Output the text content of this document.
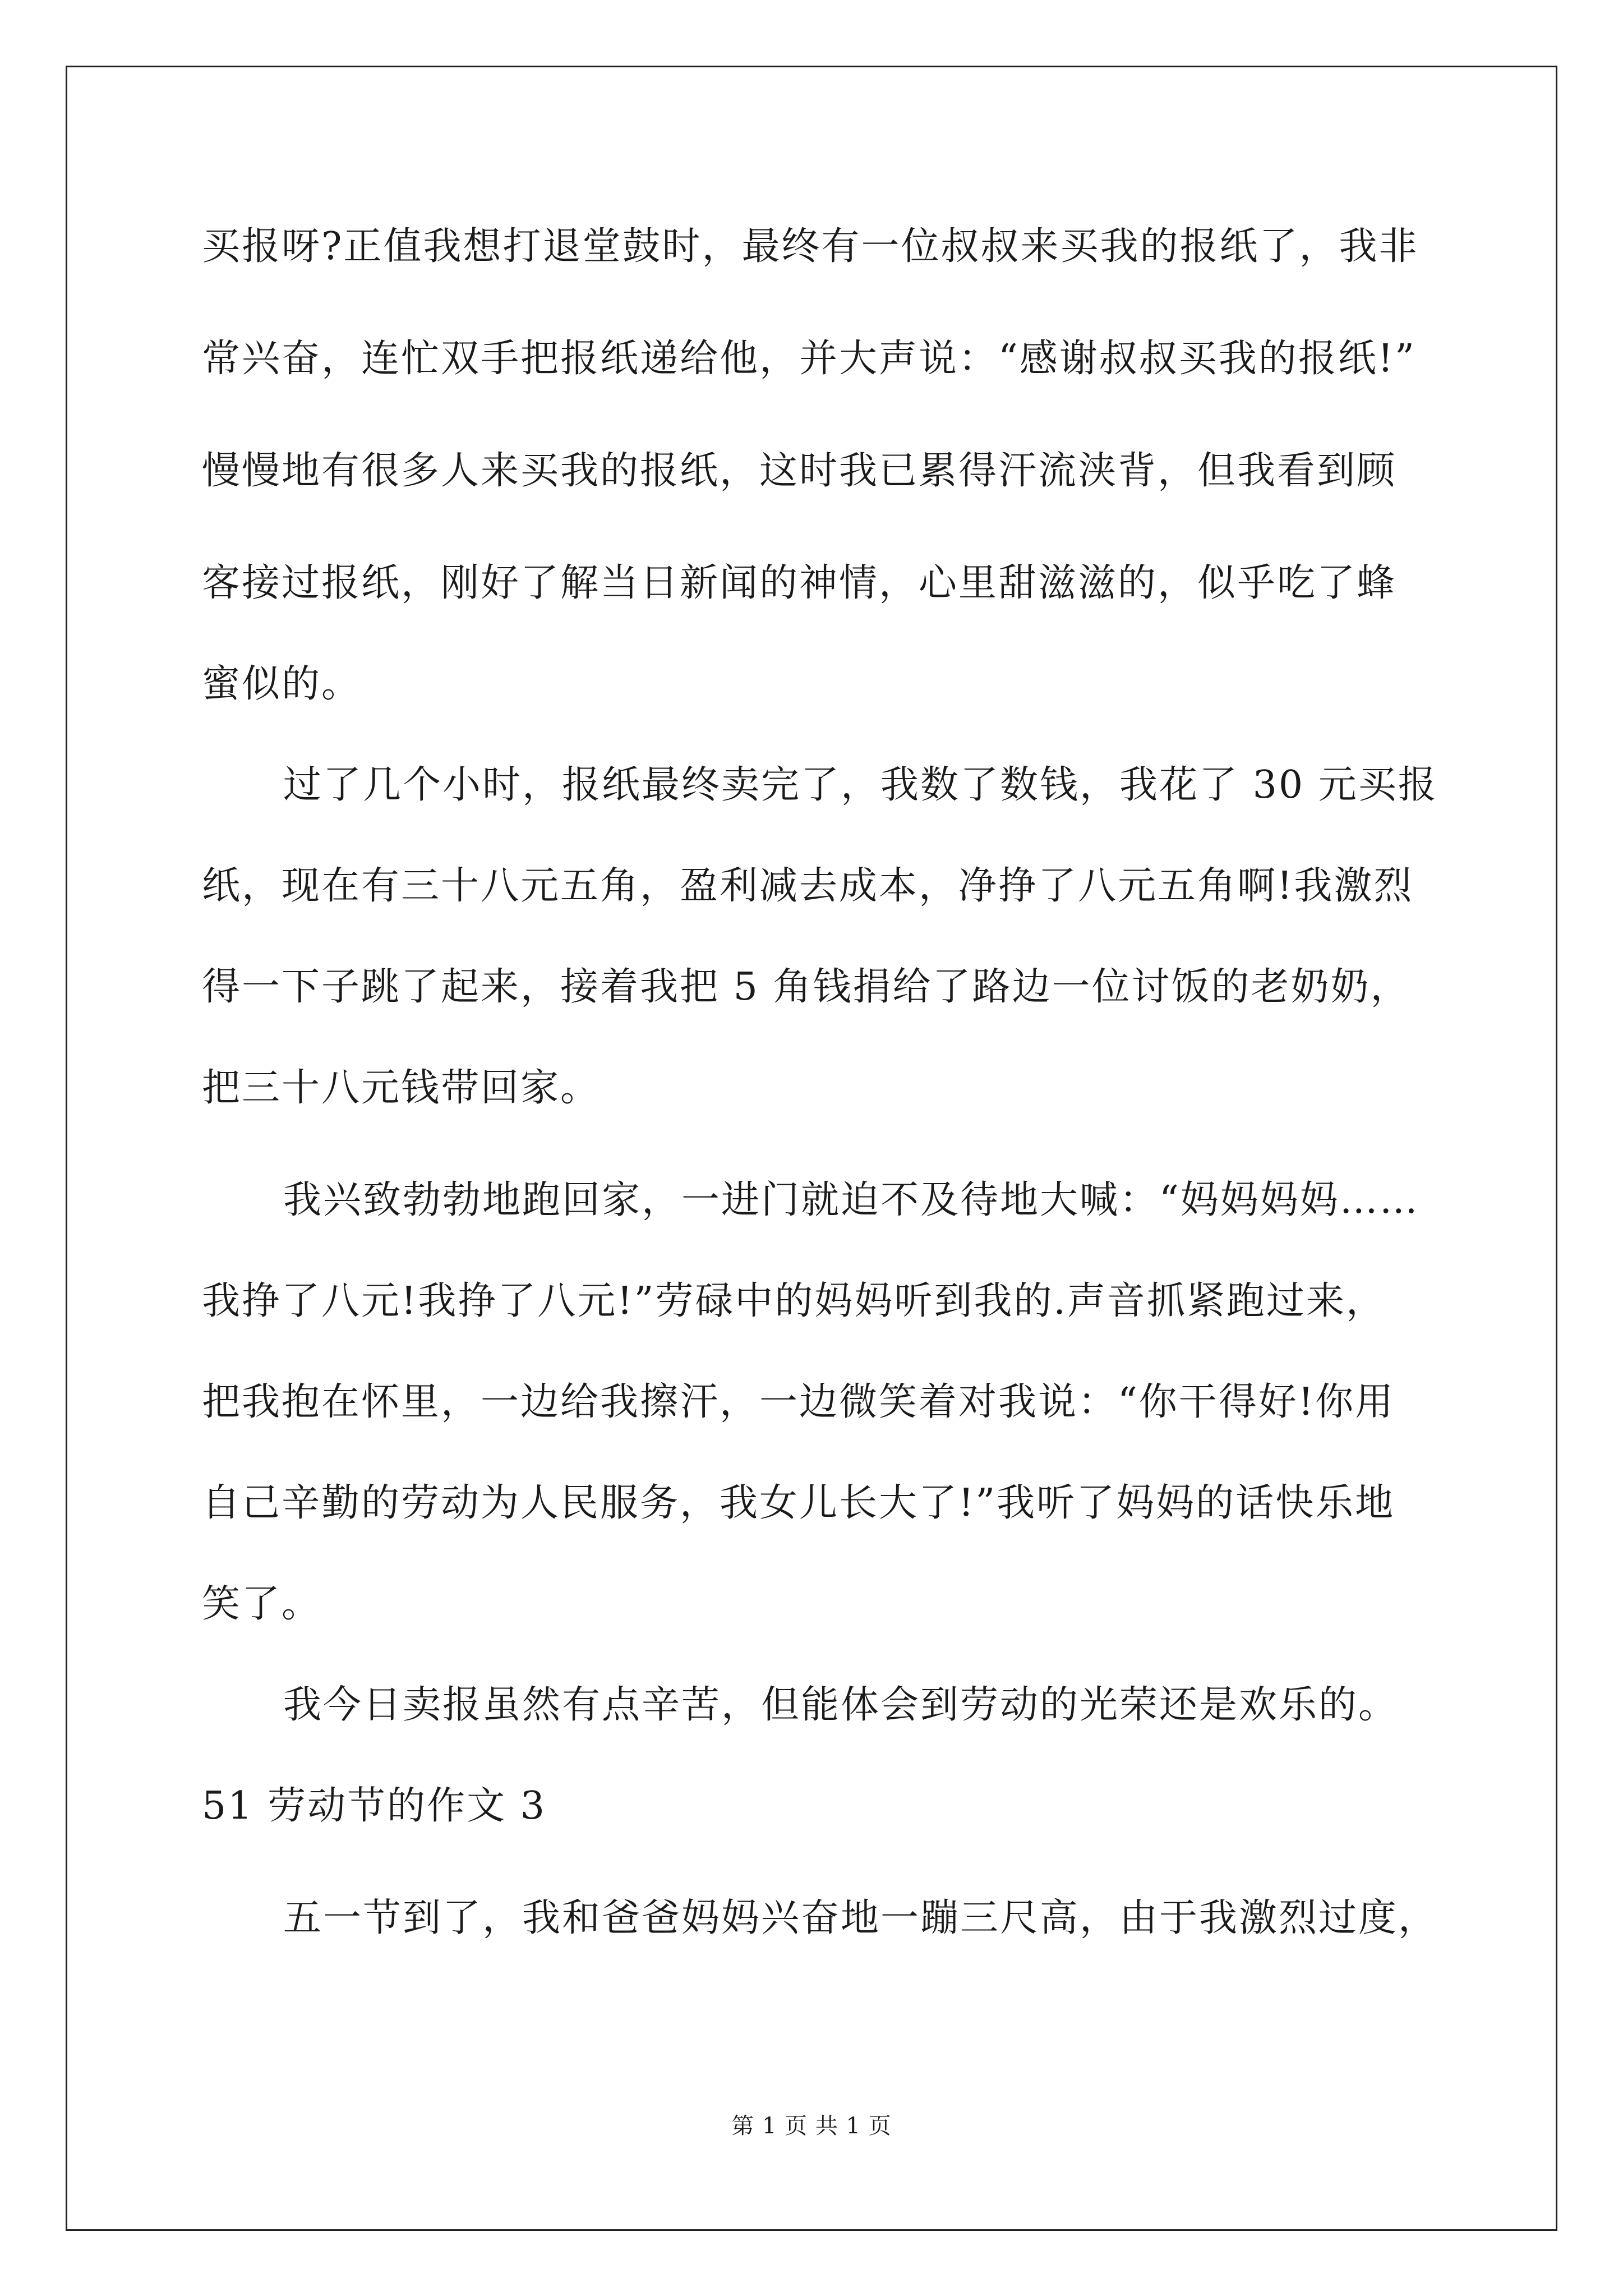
买报呀?正值我想打退堂鼓时，最终有一位叔叔来买我的报纸了，我非
常兴奋，连忙双手把报纸递给他，并大声说：“感谢叔叔买我的报纸!”
慢慢地有很多人来买我的报纸，这时我已累得汗流浃背，但我看到顾
客接过报纸，刚好了解当日新闻的神情，心里甜滋滋的，似乎吃了蜂
蜜似的。
过了几个小时，报纸最终卖完了，我数了数钱，我花了 30 元买报
纸，现在有三十八元五角，盈利减去成本，净挣了八元五角啊!我激烈
得一下子跳了起来，接着我把 5 角钱捐给了路边一位讨饭的老奶奶，
把三十八元钱带回家。
我兴致勃勃地跑回家，一进门就迫不及待地大喊：“妈妈妈妈……
我挣了八元!我挣了八元!”劳碌中的妈妈听到我的.声音抓紧跑过来，
把我抱在怀里，一边给我擦汗，一边微笑着对我说：“你干得好!你用
自己辛勤的劳动为人民服务，我女儿长大了!”我听了妈妈的话快乐地
笑了。
我今日卖报虽然有点辛苦，但能体会到劳动的光荣还是欢乐的。
51 劳动节的作文 3
五一节到了，我和爸爸妈妈兴奋地一蹦三尺高，由于我激烈过度，
第 1 页 共 1 页
